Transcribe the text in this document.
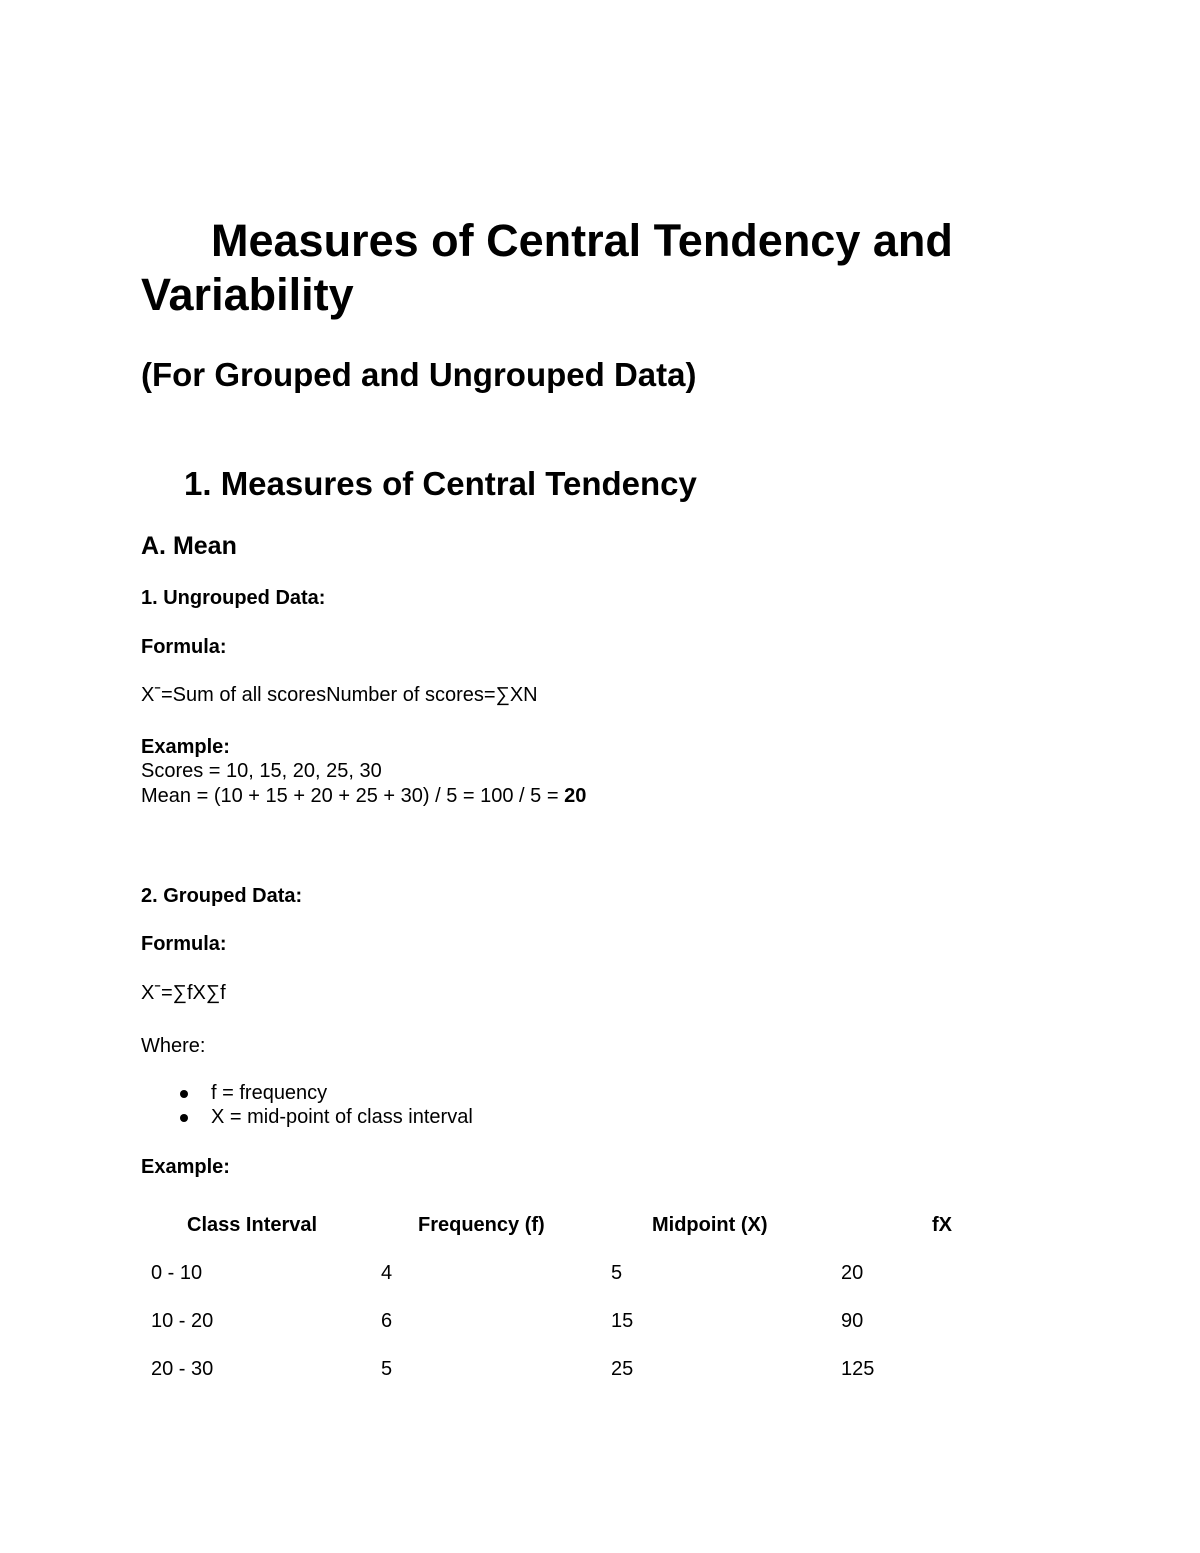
Measures of Central Tendency and Variability
(For Grouped and Ungrouped Data)
1. Measures of Central Tendency
A. Mean
1. Ungrouped Data:
Formula:
Xˉ=Sum of all scoresNumber of scores=∑XN
Example:
Scores = 10, 15, 20, 25, 30
Mean = (10 + 15 + 20 + 25 + 30) / 5 = 100 / 5 = 20
2. Grouped Data:
Formula:
Xˉ=∑fX∑f
Where:
f = frequency
X = mid-point of class interval
Example:
Class Interval	Frequency (f)	Midpoint (X)	fX
0 - 10	4	5	20
10 - 20	6	15	90
20 - 30	5	25	125
